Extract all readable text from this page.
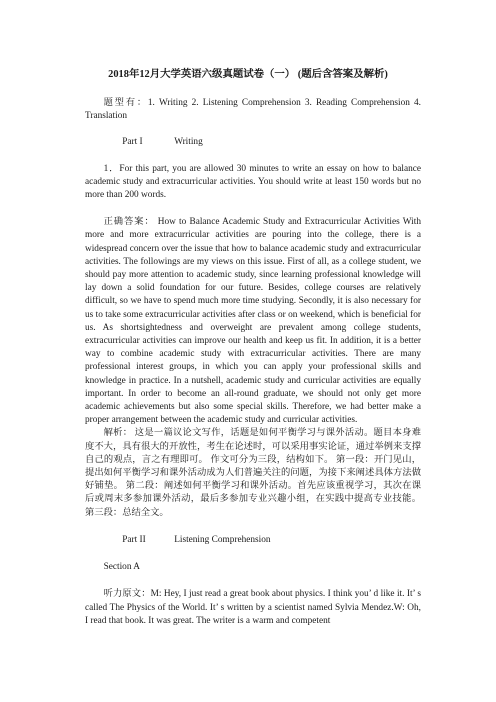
2018年12月大学英语六级真题试卷（一） (题后含答案及解析)

题型有：1. Writing 2. Listening Comprehension 3. Reading Comprehension 4. Translation

Part I	Writing

1．For this part, you are allowed 30 minutes to write an essay on how to balance academic study and extracurricular activities. You should write at least 150 words but no more than 200 words.

正确答案： How to Balance Academic Study and Extracurricular Activities With more and more extracurricular activities are pouring into the college, there is a widespread concern over the issue that how to balance academic study and extracurricular activities. The followings are my views on this issue. First of all, as a college student, we should pay more attention to academic study, since learning professional knowledge will lay down a solid foundation for our future. Besides, college courses are relatively difficult, so we have to spend much more time studying. Secondly, it is also necessary for us to take some extracurricular activities after class or on weekend, which is beneficial for us. As shortsightedness and overweight are prevalent among college students, extracurricular activities can improve our health and keep us fit. In addition, it is a better way to combine academic study with extracurricular activities. There are many professional interest groups, in which you can apply your professional skills and knowledge in practice. In a nutshell, academic study and curricular activities are equally important. In order to become an all-round graduate, we should not only get more academic achievements but also some special skills. Therefore, we had better make a proper arrangement between the academic study and curricular activities.

解析： 这是一篇议论文写作，话题是如何平衡学习与课外活动。题目本身难度不大，具有很大的开放性，考生在论述时，可以采用事实论证，通过举例来支撑自己的观点，言之有理即可。 作文可分为三段，结构如下。 第一段：开门见山，提出如何平衡学习和课外活动成为人们普遍关注的问题，为接下来阐述具体方法做好铺垫。 第二段：阐述如何平衡学习和课外活动。首先应该重视学习，其次在课后或周末多参加课外活动，最后多参加专业兴趣小组，在实践中提高专业技能。 第三段：总结全文。

Part II	Listening Comprehension

Section A

听力原文：M: Hey, I just read a great book about physics. I think you’ d like it. It’ s called The Physics of the World. It’ s written by a scientist named Sylvia Mendez.W: Oh, I read that book. It was great. The writer is a warm and competent
